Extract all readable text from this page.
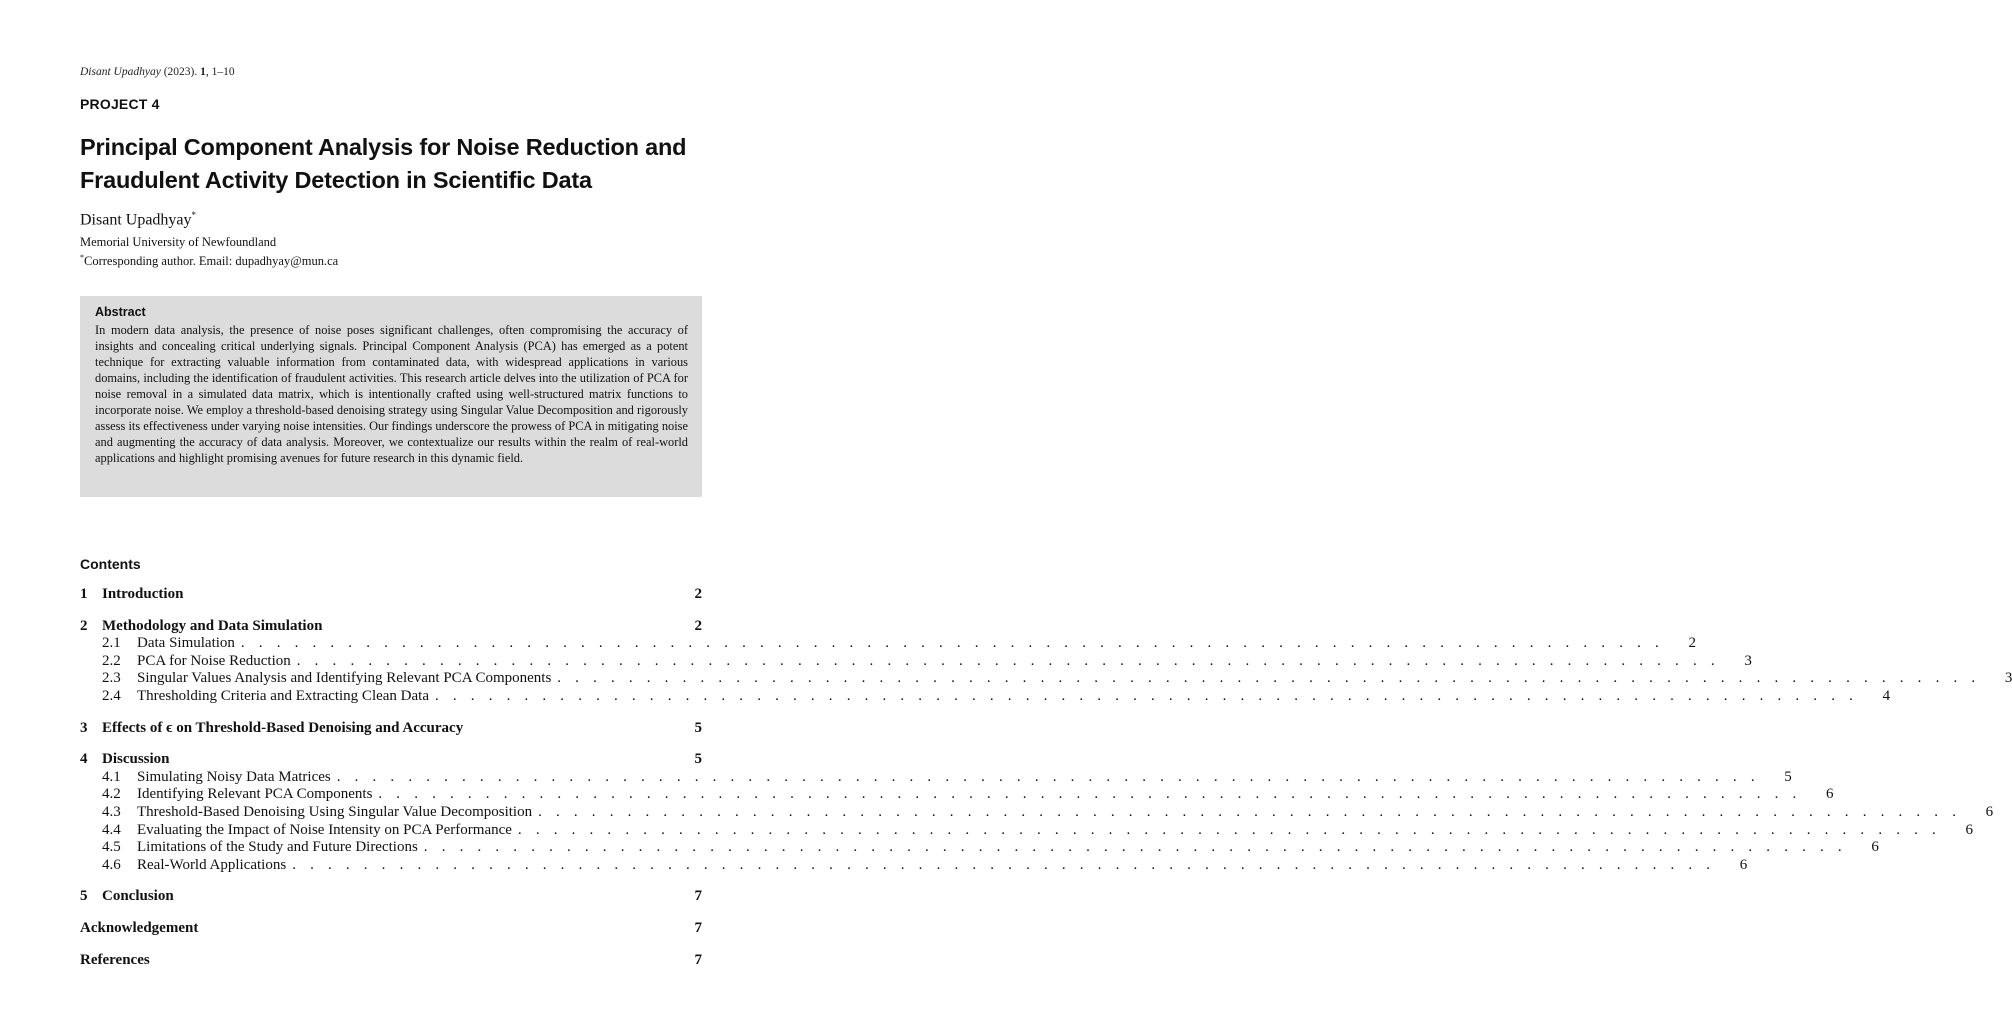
Disant Upadhyay (2023). 1, 1–10
PROJECT 4
Principal Component Analysis for Noise Reduction and Fraudulent Activity Detection in Scientific Data
Disant Upadhyay*
Memorial University of Newfoundland
*Corresponding author. Email: dupadhyay@mun.ca
Abstract

In modern data analysis, the presence of noise poses significant challenges, often compromising the accuracy of insights and concealing critical underlying signals. Principal Component Analysis (PCA) has emerged as a potent technique for extracting valuable information from contaminated data, with widespread applications in various domains, including the identification of fraudulent activities. This research article delves into the utilization of PCA for noise removal in a simulated data matrix, which is intentionally crafted using well-structured matrix functions to incorporate noise. We employ a threshold-based denoising strategy using Singular Value Decomposition and rigorously assess its effectiveness under varying noise intensities. Our findings underscore the prowess of PCA in mitigating noise and augmenting the accuracy of data analysis. Moreover, we contextualize our results within the realm of real-world applications and highlight promising avenues for future research in this dynamic field.

Contents
1 Introduction	2
2 Methodology and Data Simulation	2
2.1	Data Simulation . . . . . . . . . . . . . . . . . . . . . . . . . . . . . . . . . . . . . . . . . . . . . . . . . . . . . . . . . . . . . . . . . . . . . . . . . . . . . . . .	2
2.2	PCA for Noise Reduction . . . . . . . . . . . . . . . . . . . . . . . . . . . . . . . . . . . . . . . . . . . . . . . . . . . . . . . . . . . . . . . . . . . . . . . . . . . . . . . .	3
2.3	Singular Values Analysis and Identifying Relevant PCA Components . . . . . . . . . . . . . . . . . . . . . . . . . . . . . . . . . . . . . . . . . . . . . . . . . . . . . . . . . . . . . . . . . . . . . . . . . . . . . . . .	3
2.4	Thresholding Criteria and Extracting Clean Data . . . . . . . . . . . . . . . . . . . . . . . . . . . . . . . . . . . . . . . . . . . . . . . . . . . . . . . . . . . . . . . . . . . . . . . . . . . . . . . .	4
3 Effects of ϵ on Threshold-Based Denoising and Accuracy	5
4 Discussion	5
4.1	Simulating Noisy Data Matrices . . . . . . . . . . . . . . . . . . . . . . . . . . . . . . . . . . . . . . . . . . . . . . . . . . . . . . . . . . . . . . . . . . . . . . . . . . . . . . . .	5
4.2	Identifying Relevant PCA Components . . . . . . . . . . . . . . . . . . . . . . . . . . . . . . . . . . . . . . . . . . . . . . . . . . . . . . . . . . . . . . . . . . . . . . . . . . . . . . . .	6
4.3	Threshold-Based Denoising Using Singular Value Decomposition . . . . . . . . . . . . . . . . . . . . . . . . . . . . . . . . . . . . . . . . . . . . . . . . . . . . . . . . . . . . . . . . . . . . . . . . . . . . . . . .	6
4.4	Evaluating the Impact of Noise Intensity on PCA Performance . . . . . . . . . . . . . . . . . . . . . . . . . . . . . . . . . . . . . . . . . . . . . . . . . . . . . . . . . . . . . . . . . . . . . . . . . . . . . . . .	6
4.5	Limitations of the Study and Future Directions . . . . . . . . . . . . . . . . . . . . . . . . . . . . . . . . . . . . . . . . . . . . . . . . . . . . . . . . . . . . . . . . . . . . . . . . . . . . . . . .	6
4.6	Real-World Applications . . . . . . . . . . . . . . . . . . . . . . . . . . . . . . . . . . . . . . . . . . . . . . . . . . . . . . . . . . . . . . . . . . . . . . . . . . . . . . . .	6
5 Conclusion	7
Acknowledgement	7
References	7
